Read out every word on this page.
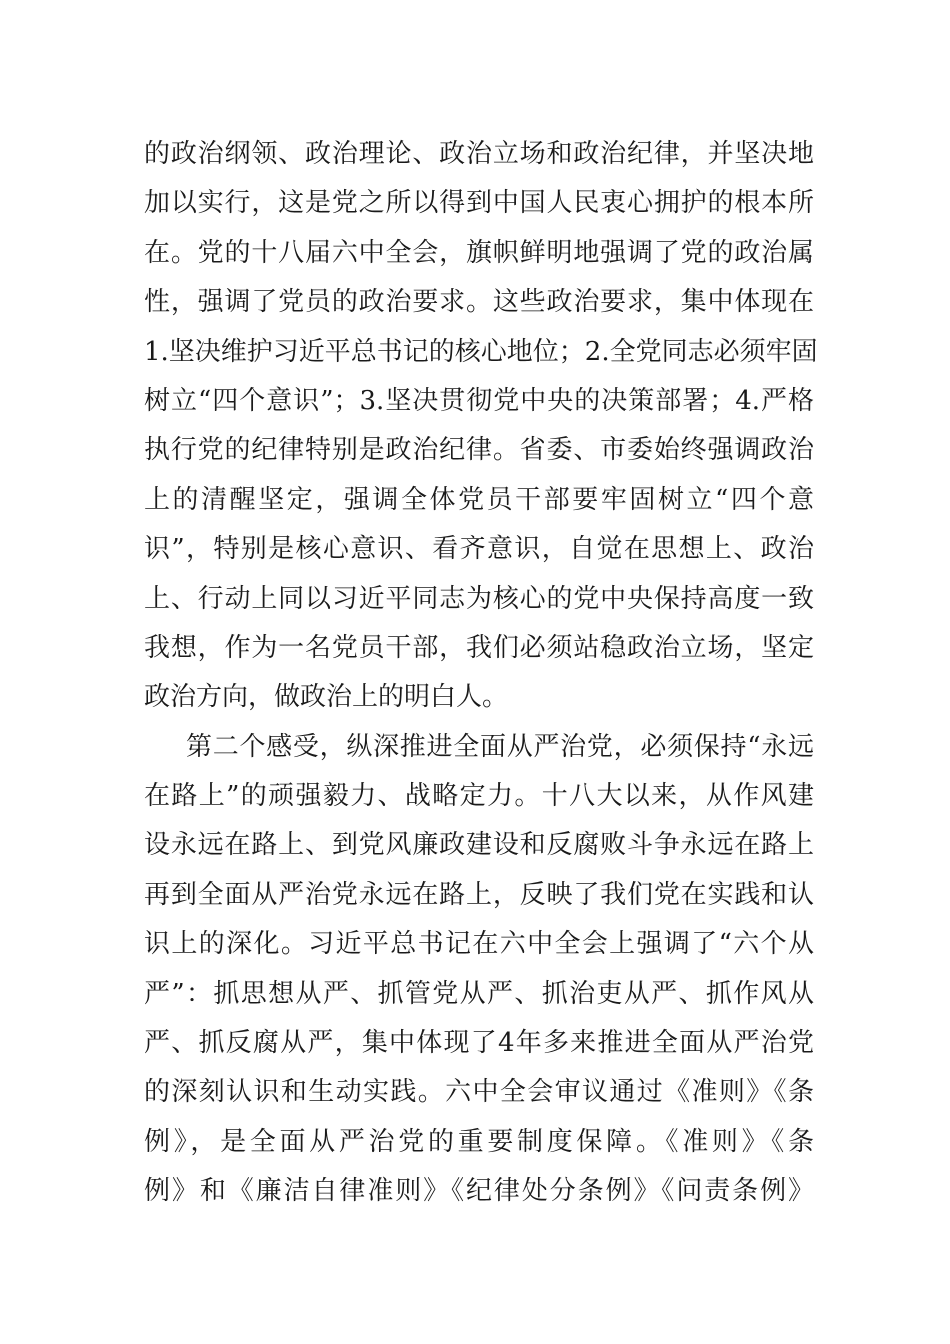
的政治纲领、政治理论、政治立场和政治纪律，并坚决地
加以实行，这是党之所以得到中国人民衷心拥护的根本所
在。党的十八届六中全会，旗帜鲜明地强调了党的政治属
性，强调了党员的政治要求。这些政治要求，集中体现在
1.坚决维护习近平总书记的核心地位；2.全党同志必须牢固
树立“四个意识”；3.坚决贯彻党中央的决策部署；4.严格
执行党的纪律特别是政治纪律。省委、市委始终强调政治
上的清醒坚定，强调全体党员干部要牢固树立“四个意
识”，特别是核心意识、看齐意识，自觉在思想上、政治
上、行动上同以习近平同志为核心的党中央保持高度一致
我想，作为一名党员干部，我们必须站稳政治立场，坚定
政治方向，做政治上的明白人。
第二个感受，纵深推进全面从严治党，必须保持“永远
在路上”的顽强毅力、战略定力。十八大以来，从作风建
设永远在路上、到党风廉政建设和反腐败斗争永远在路上
再到全面从严治党永远在路上，反映了我们党在实践和认
识上的深化。习近平总书记在六中全会上强调了“六个从
严”：抓思想从严、抓管党从严、抓治吏从严、抓作风从
严、抓反腐从严，集中体现了4年多来推进全面从严治党
的深刻认识和生动实践。六中全会审议通过《准则》《条
例》，是全面从严治党的重要制度保障。《准则》《条
例》和《廉洁自律准则》《纪律处分条例》《问责条例》
